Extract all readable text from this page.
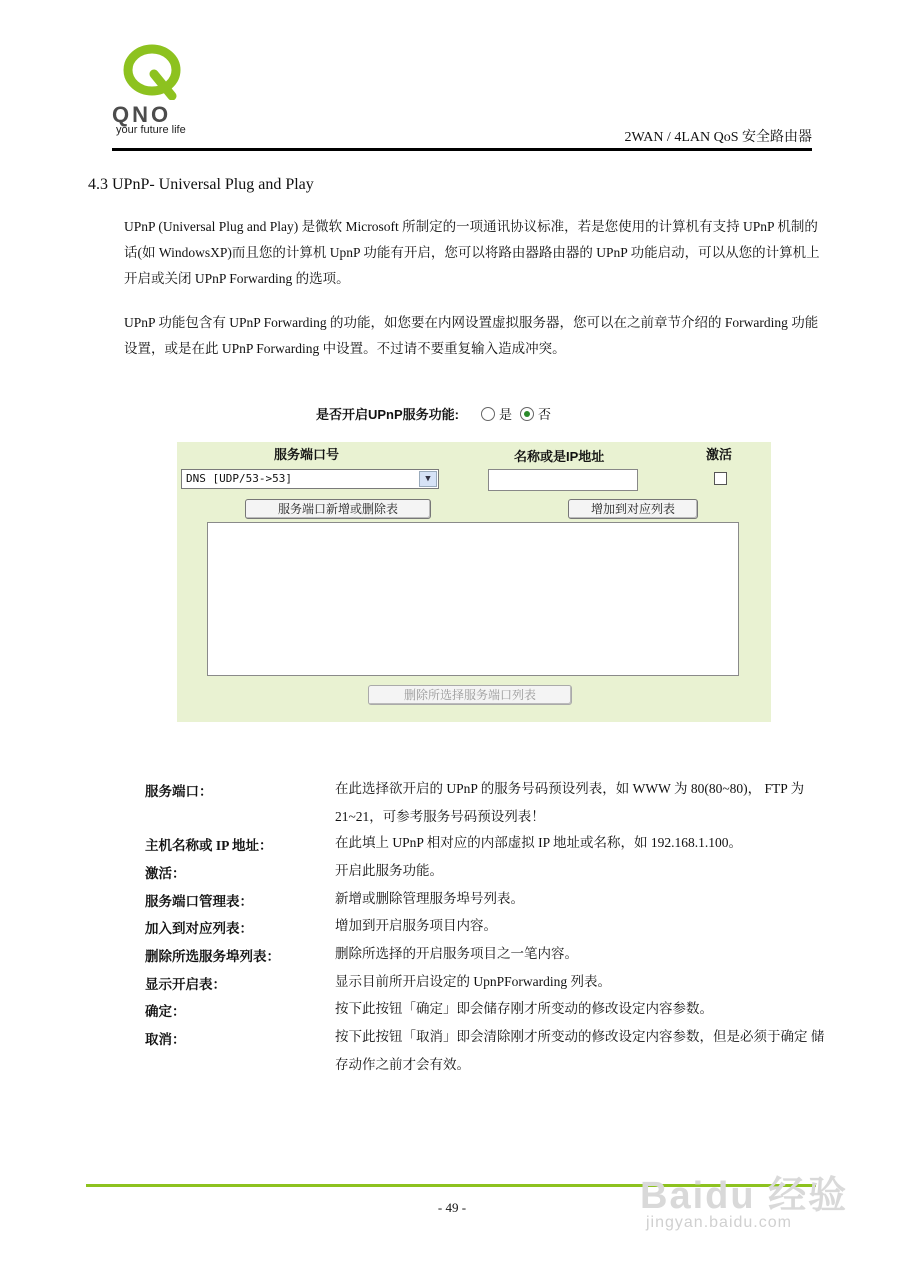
QNO
your future life	2WAN / 4LAN QoS 安全路由器
4.3 UPnP- Universal Plug and Play
UPnP (Universal Plug and Play) 是微软 Microsoft 所制定的一项通讯协议标准，若是您使用的计算机有支持 UPnP 机制的话(如 WindowsXP)而且您的计算机 UpnP 功能有开启，您可以将路由器路由器的 UPnP 功能启动，可以从您的计算机上开启或关闭 UPnP Forwarding 的选项。
UPnP 功能包含有 UPnP Forwarding 的功能，如您要在内网设置虚拟服务器，您可以在之前章节介绍的 Forwarding 功能设置，或是在此 UPnP Forwarding 中设置。不过请不要重复输入造成冲突。
是否开启UPnP服务功能:	是 否
服务端口号	名称或是IP地址	激活
DNS [UDP/53->53]	▼
服务端口新增或删除表	增加到对应列表
删除所选择服务端口列表
服务端口：	在此选择欲开启的 UPnP 的服务号码预设列表，如 WWW 为 80(80~80)， FTP 为 21~21，可参考服务号码预设列表！
主机名称或 IP 地址：	在此填上 UPnP 相对应的内部虚拟 IP 地址或名称，如 192.168.1.100。
激活：	开启此服务功能。
服务端口管理表：	新增或删除管理服务埠号列表。
加入到对应列表：	增加到开启服务项目内容。
删除所选服务埠列表：	删除所选择的开启服务项目之一笔内容。
显示开启表：	显示目前所开启设定的 UpnPForwarding 列表。
确定：	按下此按钮「确定」即会储存刚才所变动的修改设定内容参数。
取消：	按下此按钮「取消」即会清除刚才所变动的修改设定内容参数，但是必须于确定 储存动作之前才会有效。
- 49 -	Baidu 经验
jingyan.baidu.com
